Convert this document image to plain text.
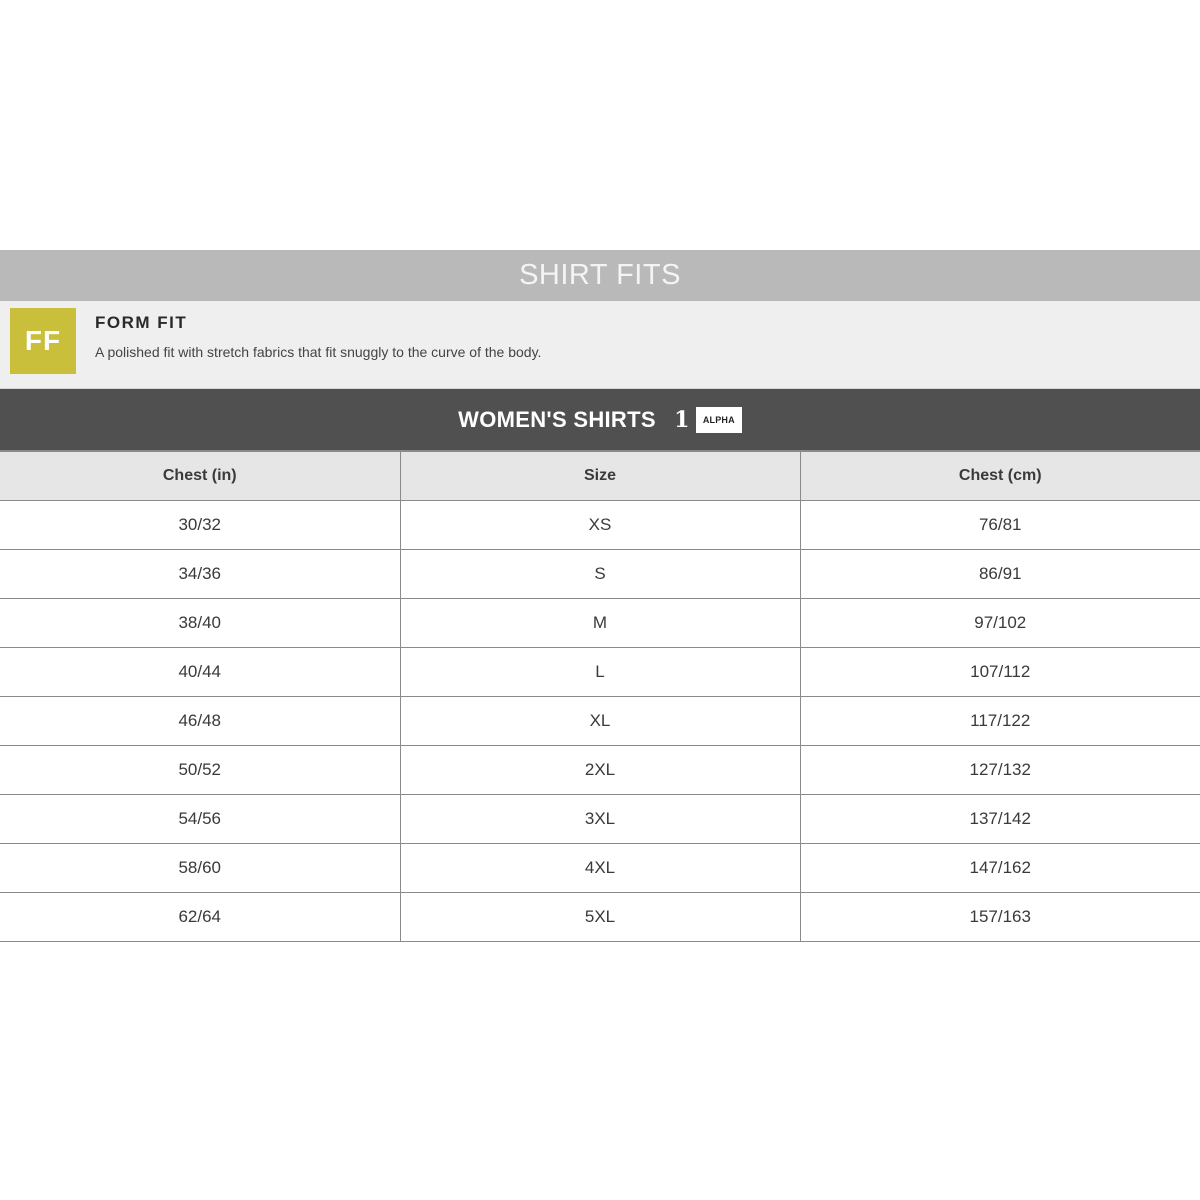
SHIRT FITS
FF
FORM FIT
A polished fit with stretch fabrics that fit snuggly to the curve of the body.
WOMEN'S SHIRTS 1	ALPHA
Chest (in)	Size	Chest (cm)
30/32	XS	76/81
34/36	S	86/91
38/40	M	97/102
40/44	L	107/112
46/48	XL	117/122
50/52	2XL	127/132
54/56	3XL	137/142
58/60	4XL	147/162
62/64	5XL	157/163
